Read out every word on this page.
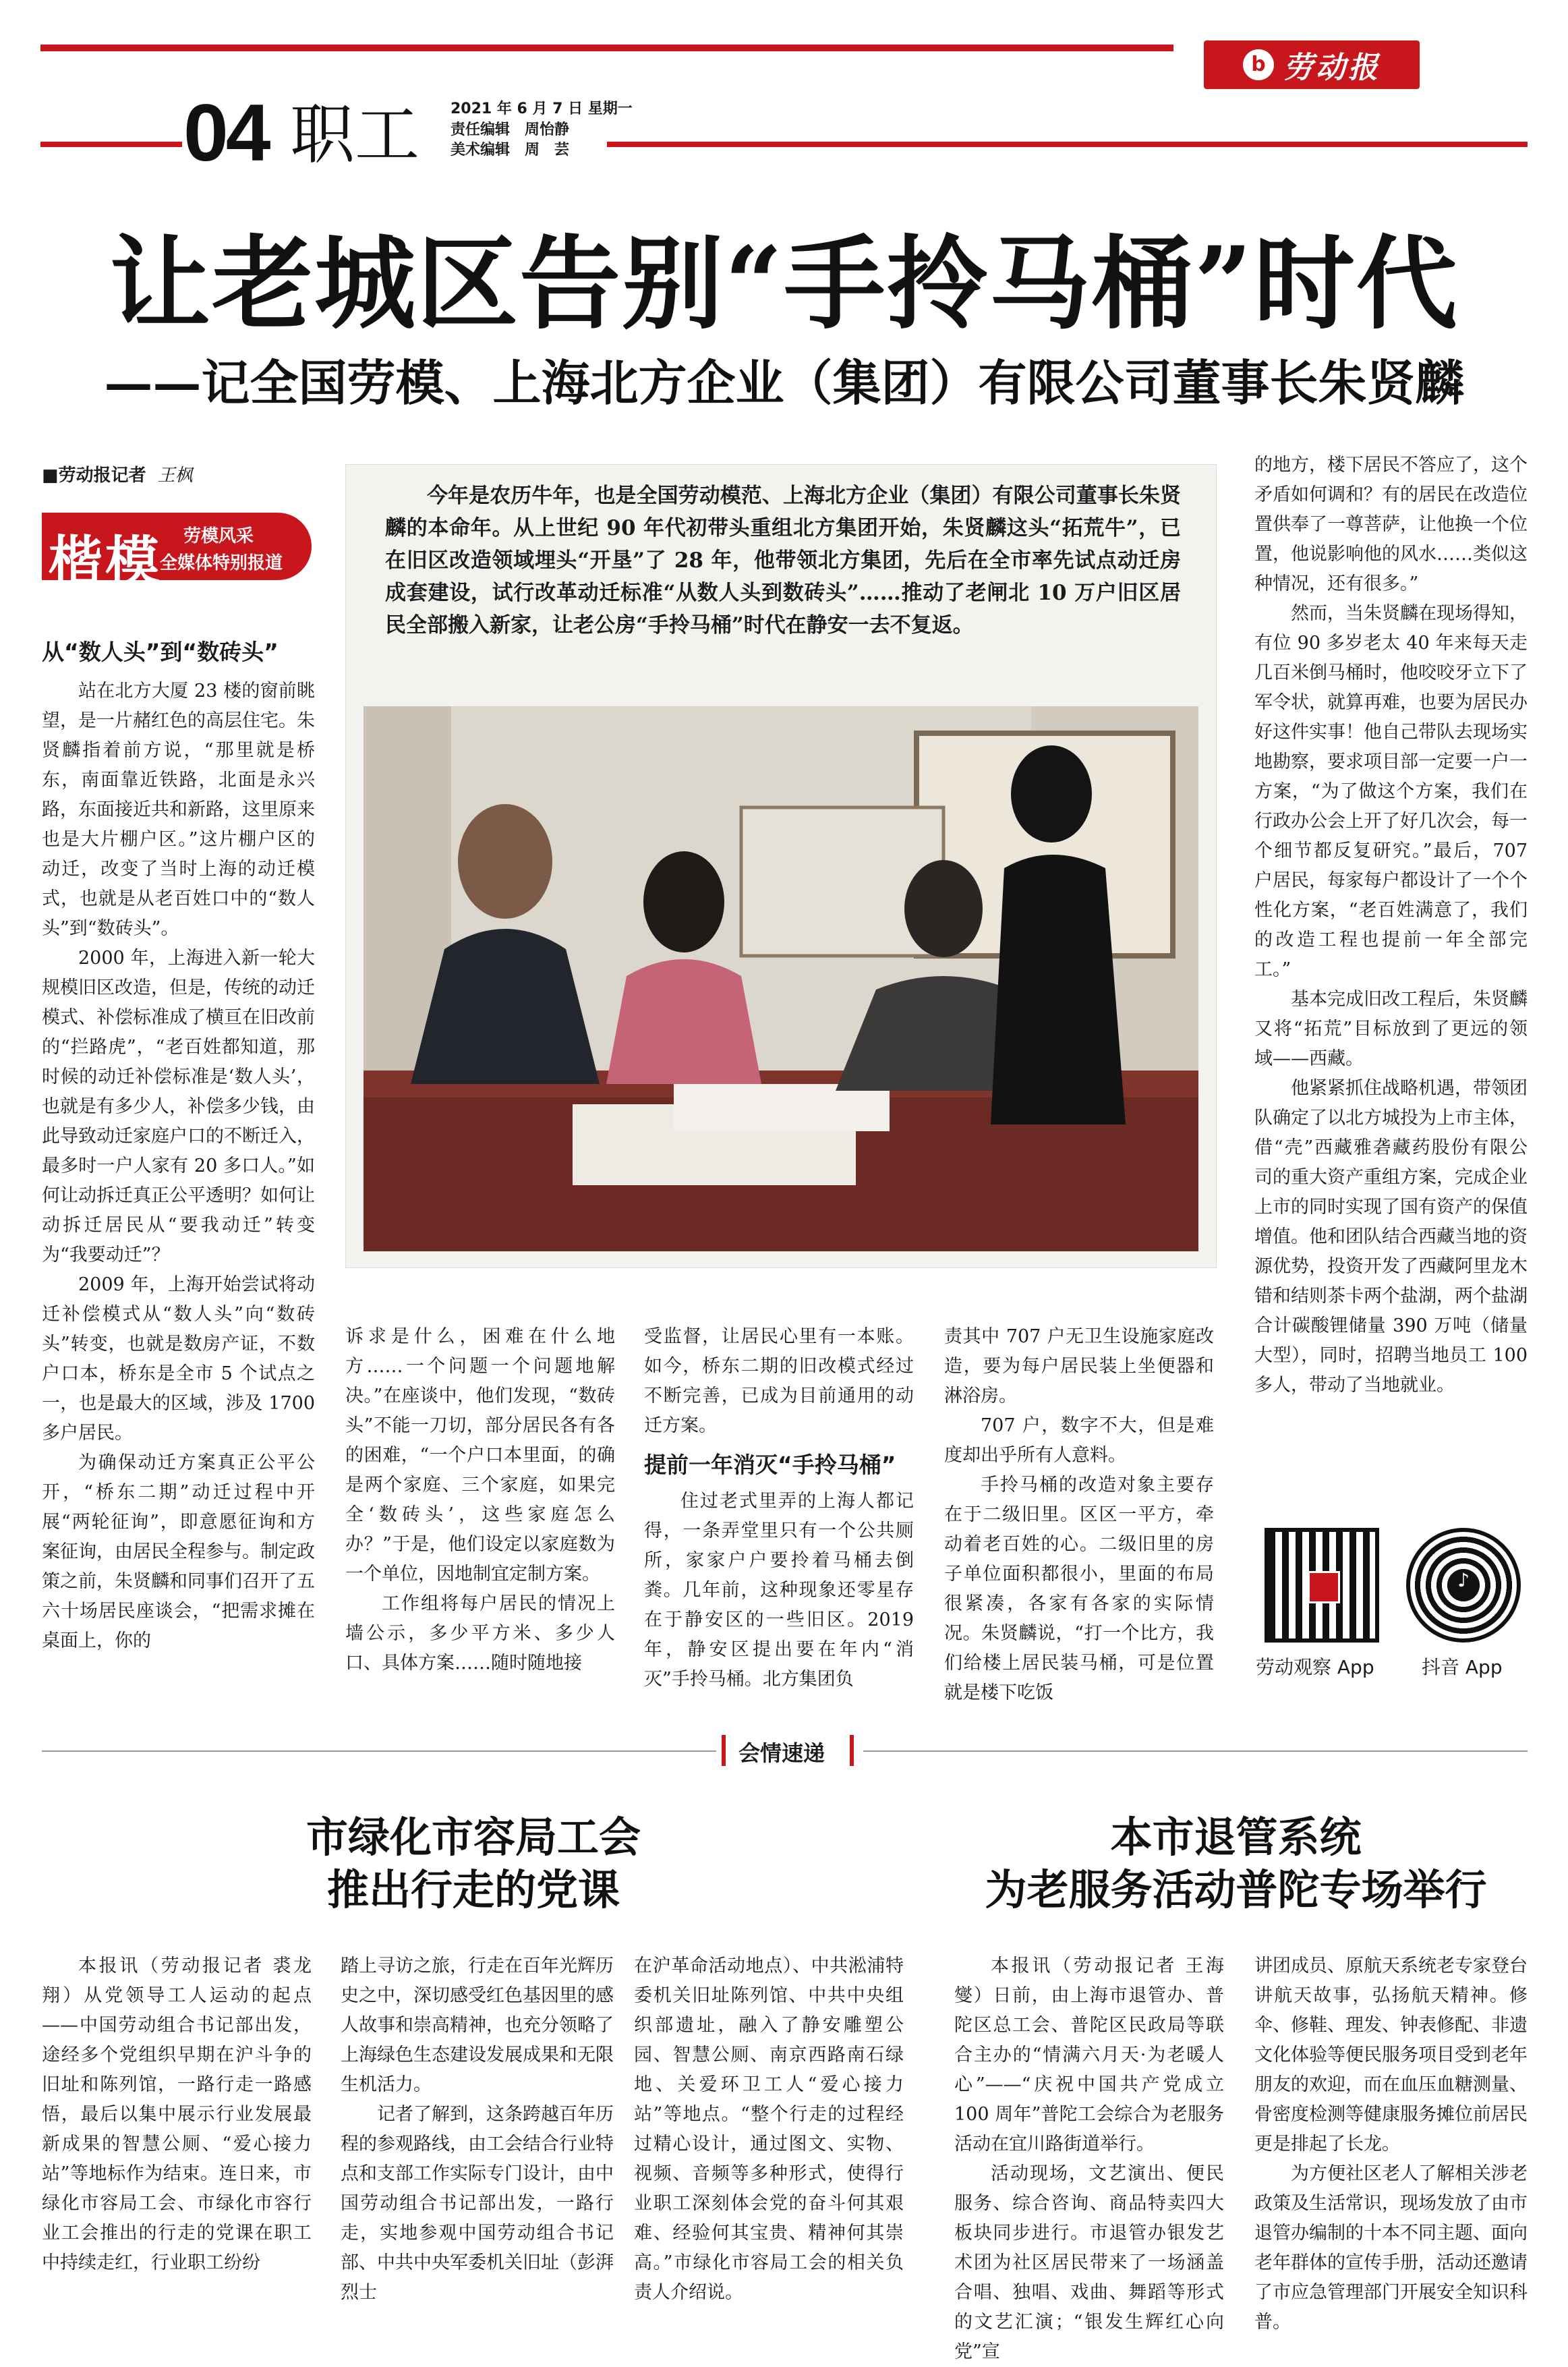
b 劳动报
04 职工 2021 年 6 月 7 日 星期一
责任编辑　周怡静
美术编辑　周　芸
让老城区告别“手拎马桶”时代
——记全国劳模、上海北方企业（集团）有限公司董事长朱贤麟
■劳动报记者 王枫
楷模 劳模风采
全媒体特别报道
从“数人头”到“数砖头”

站在北方大厦 23 楼的窗前眺望，是一片赭红色的高层住宅。朱贤麟指着前方说，“那里就是桥东，南面靠近铁路，北面是永兴路，东面接近共和新路，这里原来也是大片棚户区。”这片棚户区的动迁，改变了当时上海的动迁模式，也就是从老百姓口中的“数人头”到“数砖头”。

2000 年，上海进入新一轮大规模旧区改造，但是，传统的动迁模式、补偿标准成了横亘在旧改前的“拦路虎”，“老百姓都知道，那时候的动迁补偿标准是‘数人头’，也就是有多少人，补偿多少钱，由此导致动迁家庭户口的不断迁入，最多时一户人家有 20 多口人。”如何让动拆迁真正公平透明？如何让动拆迁居民从“要我动迁”转变为“我要动迁”？

2009 年，上海开始尝试将动迁补偿模式从“数人头”向“数砖头”转变，也就是数房产证，不数户口本，桥东是全市 5 个试点之一，也是最大的区域，涉及 1700 多户居民。

为确保动迁方案真正公平公开，“桥东二期”动迁过程中开展“两轮征询”，即意愿征询和方案征询，由居民全程参与。制定政策之前，朱贤麟和同事们召开了五六十场居民座谈会，“把需求摊在桌面上，你的

今年是农历牛年，也是全国劳动模范、上海北方企业（集团）有限公司董事长朱贤麟的本命年。从上世纪 90 年代初带头重组北方集团开始，朱贤麟这头“拓荒牛”，已在旧区改造领域埋头“开垦”了 28 年，他带领北方集团，先后在全市率先试点动迁房成套建设，试行改革动迁标准“从数人头到数砖头”……推动了老闸北 10 万户旧区居民全部搬入新家，让老公房“手拎马桶”时代在静安一去不复返。

诉求是什么，困难在什么地方……一个问题一个问题地解决。”在座谈中，他们发现，“数砖头”不能一刀切，部分居民各有各的困难，“一个户口本里面，的确是两个家庭、三个家庭，如果完全‘数砖头’，这些家庭怎么办？”于是，他们设定以家庭数为一个单位，因地制宜定制方案。

工作组将每户居民的情况上墙公示，多少平方米、多少人口、具体方案……随时随地接

受监督，让居民心里有一本账。如今，桥东二期的旧改模式经过不断完善，已成为目前通用的动迁方案。

提前一年消灭“手拎马桶”

住过老式里弄的上海人都记得，一条弄堂里只有一个公共厕所，家家户户要拎着马桶去倒粪。几年前，这种现象还零星存在于静安区的一些旧区。2019 年，静安区提出要在年内“消灭”手拎马桶。北方集团负

责其中 707 户无卫生设施家庭改造，要为每户居民装上坐便器和淋浴房。

707 户，数字不大，但是难度却出乎所有人意料。

手拎马桶的改造对象主要存在于二级旧里。区区一平方，牵动着老百姓的心。二级旧里的房子单位面积都很小，里面的布局很紧凑，各家有各家的实际情况。朱贤麟说，“打一个比方，我们给楼上居民装马桶，可是位置就是楼下吃饭

的地方，楼下居民不答应了，这个矛盾如何调和？有的居民在改造位置供奉了一尊菩萨，让他换一个位置，他说影响他的风水……类似这种情况，还有很多。”

然而，当朱贤麟在现场得知，有位 90 多岁老太 40 年来每天走几百米倒马桶时，他咬咬牙立下了军令状，就算再难，也要为居民办好这件实事！他自己带队去现场实地勘察，要求项目部一定要一户一方案，“为了做这个方案，我们在行政办公会上开了好几次会，每一个细节都反复研究。”最后，707 户居民，每家每户都设计了一个个性化方案，“老百姓满意了，我们的改造工程也提前一年全部完工。”

基本完成旧改工程后，朱贤麟又将“拓荒”目标放到了更远的领域——西藏。

他紧紧抓住战略机遇，带领团队确定了以北方城投为上市主体，借“壳”西藏雅砻藏药股份有限公司的重大资产重组方案，完成企业上市的同时实现了国有资产的保值增值。他和团队结合西藏当地的资源优势，投资开发了西藏阿里龙木错和结则茶卡两个盐湖，两个盐湖合计碳酸锂储量 390 万吨（储量大型），同时，招聘当地员工 100 多人，带动了当地就业。

劳动观察 App
♪
抖音 App
会情速递
市绿化市容局工会
推出行走的党课

本报讯（劳动报记者 裘龙翔）从党领导工人运动的起点——中国劳动组合书记部出发，途经多个党组织早期在沪斗争的旧址和陈列馆，一路行走一路感悟，最后以集中展示行业发展最新成果的智慧公厕、“爱心接力站”等地标作为结束。连日来，市绿化市容局工会、市绿化市容行业工会推出的行走的党课在职工中持续走红，行业职工纷纷

踏上寻访之旅，行走在百年光辉历史之中，深切感受红色基因里的感人故事和崇高精神，也充分领略了上海绿色生态建设发展成果和无限生机活力。

记者了解到，这条跨越百年历程的参观路线，由工会结合行业特点和支部工作实际专门设计，由中国劳动组合书记部出发，一路行走，实地参观中国劳动组合书记部、中共中央军委机关旧址（彭湃烈士

在沪革命活动地点）、中共淞浦特委机关旧址陈列馆、中共中央组织部遗址，融入了静安雕塑公园、智慧公厕、南京西路南石绿地、关爱环卫工人“爱心接力站”等地点。“整个行走的过程经过精心设计，通过图文、实物、视频、音频等多种形式，使得行业职工深刻体会党的奋斗何其艰难、经验何其宝贵、精神何其崇高。”市绿化市容局工会的相关负责人介绍说。

本市退管系统
为老服务活动普陀专场举行

本报讯（劳动报记者 王海燮）日前，由上海市退管办、普陀区总工会、普陀区民政局等联合主办的“情满六月天·为老暖人心”——“庆祝中国共产党成立 100 周年”普陀工会综合为老服务活动在宜川路街道举行。

活动现场，文艺演出、便民服务、综合咨询、商品特卖四大板块同步进行。市退管办银发艺术团为社区居民带来了一场涵盖合唱、独唱、戏曲、舞蹈等形式的文艺汇演；“银发生辉红心向党”宣

讲团成员、原航天系统老专家登台讲航天故事，弘扬航天精神。修伞、修鞋、理发、钟表修配、非遗文化体验等便民服务项目受到老年朋友的欢迎，而在血压血糖测量、骨密度检测等健康服务摊位前居民更是排起了长龙。

为方便社区老人了解相关涉老政策及生活常识，现场发放了由市退管办编制的十本不同主题、面向老年群体的宣传手册，活动还邀请了市应急管理部门开展安全知识科普。
